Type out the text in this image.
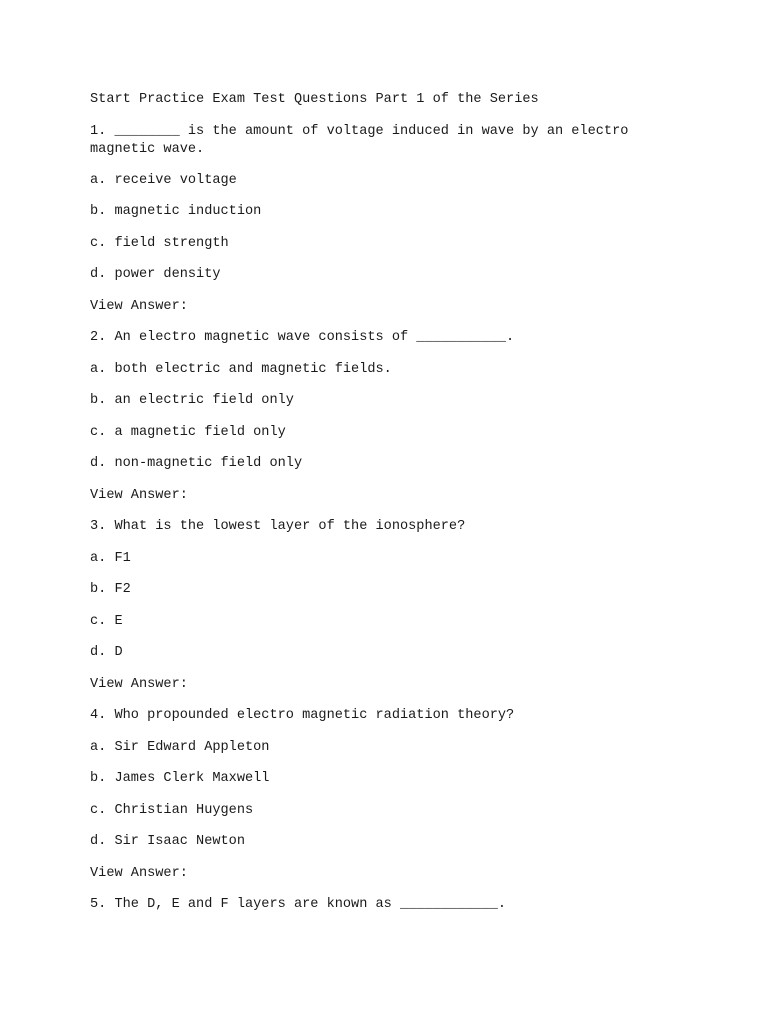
Start Practice Exam Test Questions Part 1 of the Series
1. ________ is the amount of voltage induced in wave by an electro magnetic wave.
a. receive voltage
b. magnetic induction
c. field strength
d. power density
View Answer:
2. An electro magnetic wave consists of ___________.
a. both electric and magnetic fields.
b. an electric field only
c. a magnetic field only
d. non-magnetic field only
View Answer:
3. What is the lowest layer of the ionosphere?
a. F1
b. F2
c. E
d. D
View Answer:
4. Who propounded electro magnetic radiation theory?
a. Sir Edward Appleton
b. James Clerk Maxwell
c. Christian Huygens
d. Sir Isaac Newton
View Answer:
5. The D, E and F layers are known as ____________.
